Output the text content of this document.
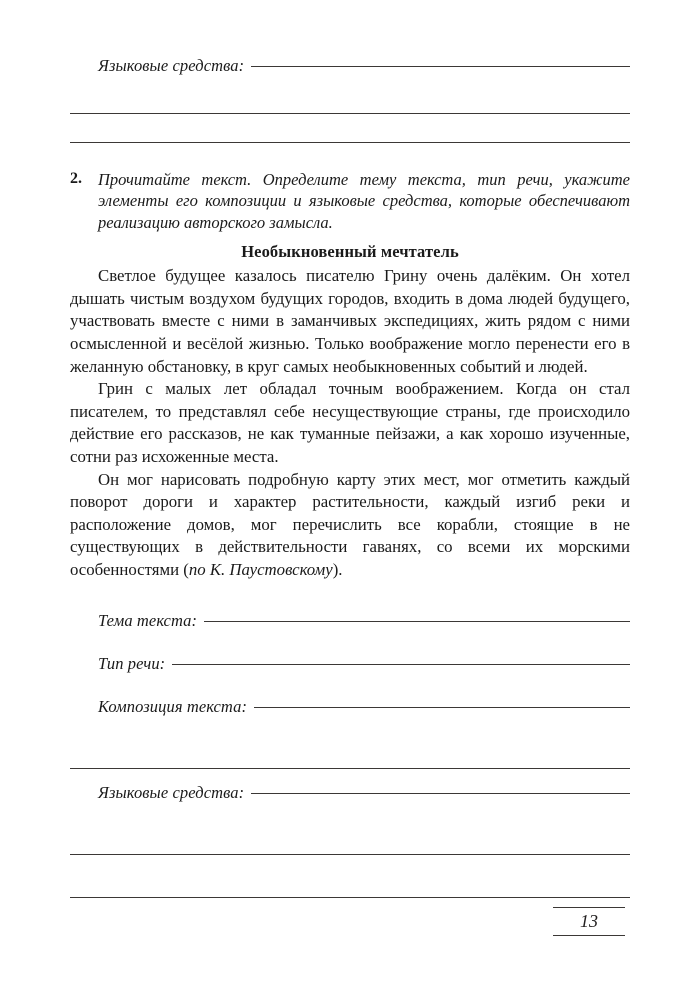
Языковые средства:
2. Прочитайте текст. Определите тему текста, тип речи, укажите элементы его композиции и языковые средства, которые обеспечивают реализацию авторского замысла.
Необыкновенный мечтатель

Светлое будущее казалось писателю Грину очень далёким. Он хотел дышать чистым воздухом будущих городов, входить в дома людей будущего, участвовать вместе с ними в заманчивых экспедициях, жить рядом с ними осмысленной и весёлой жизнью. Только воображение могло перенести его в желанную обстановку, в круг самых необыкновенных событий и людей.

Грин с малых лет обладал точным воображением. Когда он стал писателем, то представлял себе несуществующие страны, где происходило действие его рассказов, не как туманные пейзажи, а как хорошо изученные, сотни раз исхоженные места.

Он мог нарисовать подробную карту этих мест, мог отметить каждый поворот дороги и характер растительности, каждый изгиб реки и расположение домов, мог перечислить все корабли, стоящие в не существующих в действительности гаванях, со всеми их морскими особенностями (по К. Паустовскому).

Тема текста:
Тип речи:
Композиция текста:
Языковые средства:
13
